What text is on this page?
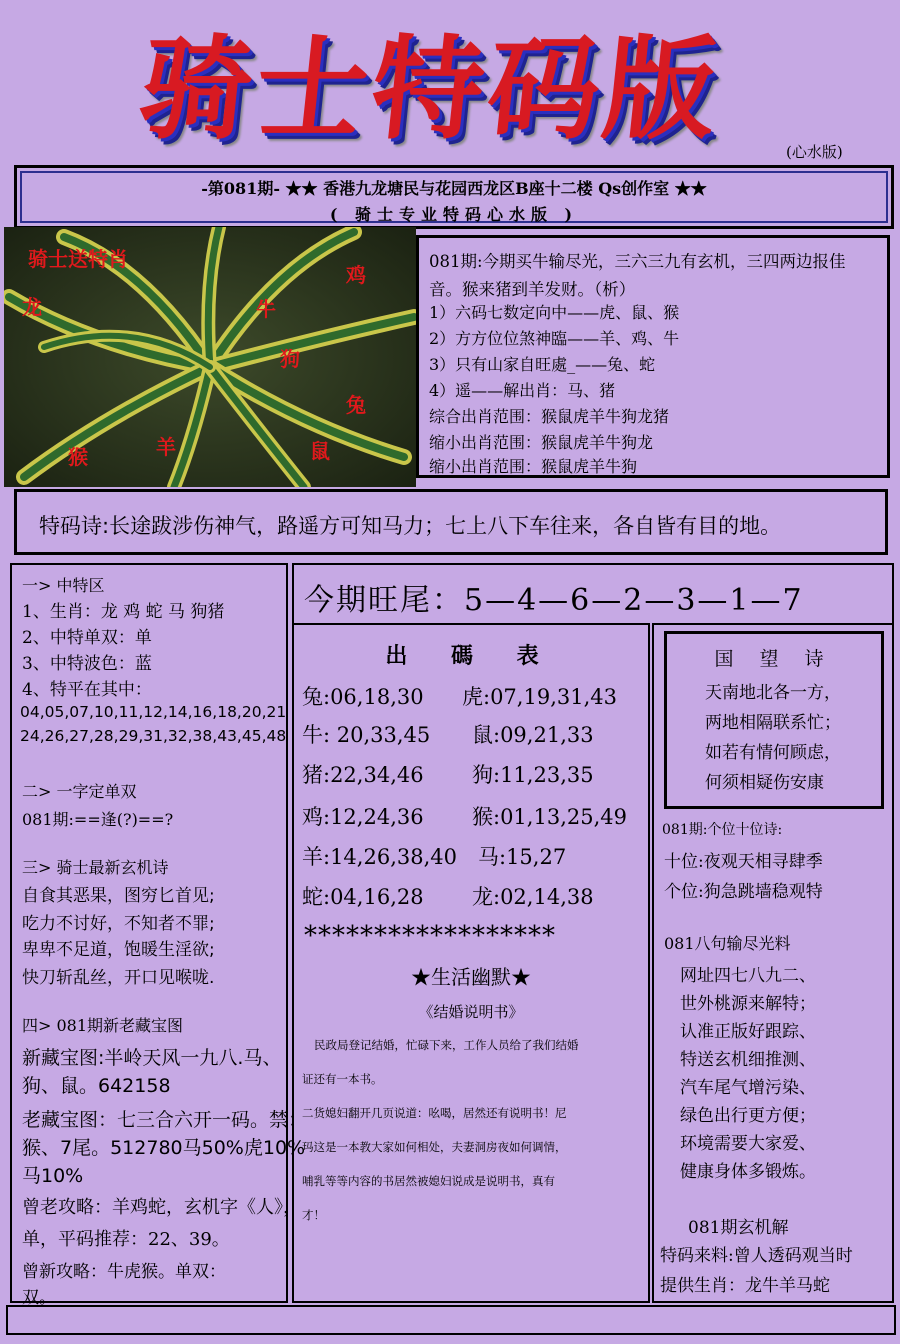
骑士特码版	(心水版)
-第081期- ★★ 香港九龙塘民与花园西龙区B座十二楼 Qs创作室 ★★
( 骑士专业特码心水版 )
骑士送特肖
龙
鸡
牛
狗
兔
猴	羊	鼠
081期:今期买牛输尽光，三六三九有玄机，三四两边报佳
音。猴来猪到羊发财。（析）
1）六码七数定向中——虎、鼠、猴
2）方方位位煞神臨——羊、鸡、牛
3）只有山家自旺處_——兔、蛇
4）遥——解出肖：马、猪
综合出肖范围：猴鼠虎羊牛狗龙猪
缩小出肖范围：猴鼠虎羊牛狗龙
缩小出肖范围：猴鼠虎羊牛狗
特码诗:长途跋涉伤神气，路遥方可知马力；七上八下车往来，各自皆有目的地。
一> 中特区
1、生肖：龙 鸡 蛇 马 狗猪
2、中特单双：单
3、中特波色：蓝
4、特平在其中：
04,05,07,10,11,12,14,16,18,20,21
24,26,27,28,29,31,32,38,43,45,48
二> 一字定单双
081期:==逢(?)==?
三> 骑士最新玄机诗
自食其恶果，图穷匕首见;
吃力不讨好，不知者不罪;
卑卑不足道，饱暖生淫欲;
快刀斩乱丝，开口见喉咙.
四> 081期新老藏宝图
新藏宝图:半岭天风一九八.马、
狗、鼠。642158
老藏宝图：七三合六开一码。禁：
猴、7尾。512780马50%虎10%
马10%
曾老攻略：羊鸡蛇，玄机字《人》，
单，平码推荐：22、39。
曾新攻略：牛虎猴。单双：
双。
今期旺尾：5—4—6—2—3—1—7
出 碼 表
兔:06,18,30 虎:07,19,31,43
牛: 20,33,45 鼠:09,21,33
猪:22,34,46 狗:11,23,35
鸡:12,24,36 猴:01,13,25,49
羊:14,26,38,40 马:15,27
蛇:04,16,28 龙:02,14,38
******************
★生活幽默★
《结婚说明书》
民政局登记结婚，忙碌下来，工作人员给了我们结婚
证还有一本书。
二货媳妇翻开几页说道：吆喝，居然还有说明书！尼
玛这是一本教大家如何相处，夫妻洞房夜如何调情，
哺乳等等内容的书居然被媳妇说成是说明书，真有
才！
国 望 诗
天南地北各一方，
两地相隔联系忙；
如若有情何顾虑，
何须相疑伤安康
081期:个位十位诗:
十位:夜观天相寻肆季
个位:狗急跳墙稳观特
081八句输尽光料
网址四七八九二、
世外桃源来解特；
认准正版好跟踪、
特送玄机细推测、
汽车尾气增污染、
绿色出行更方便；
环境需要大家爱、
健康身体多锻炼。
081期玄机解
特码来料:曾人透码观当时
提供生肖：龙牛羊马蛇
